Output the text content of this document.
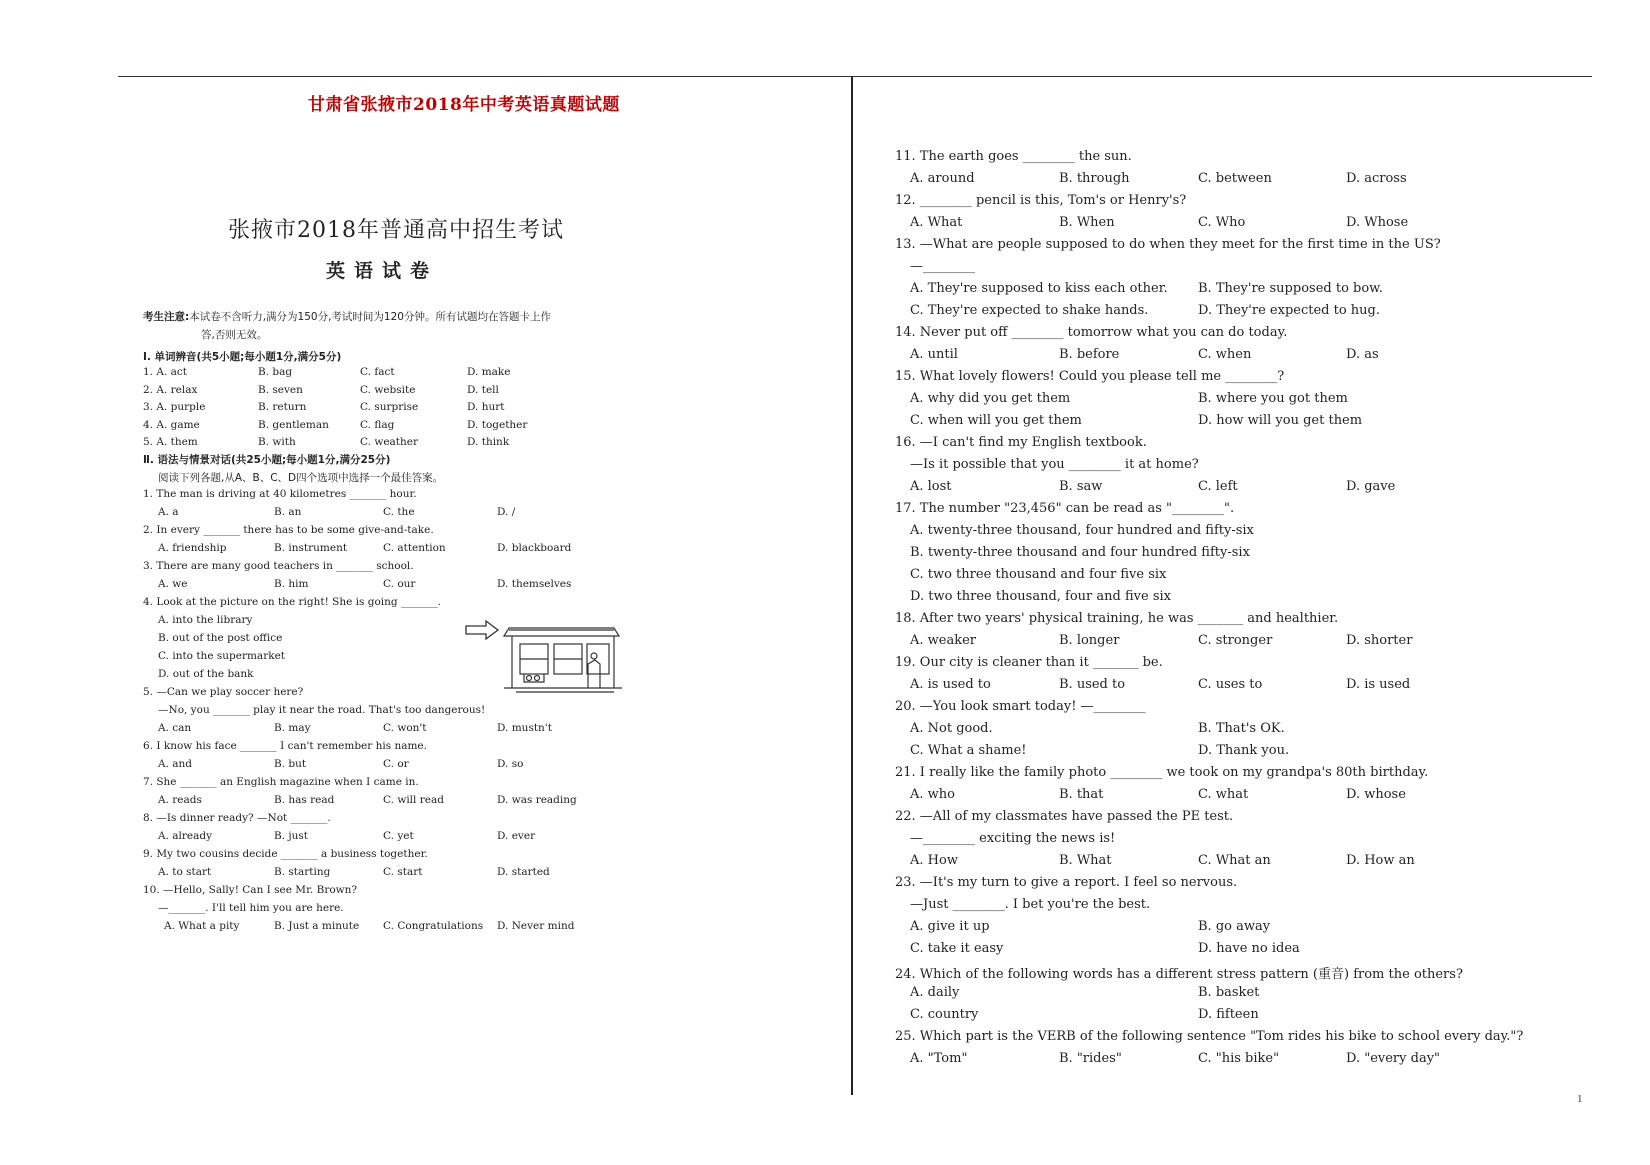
甘肃省张掖市2018年中考英语真题试题
张掖市2018年普通高中招生考试
英语试卷
考生注意:本试卷不含听力,满分为150分,考试时间为120分钟。所有试题均在答题卡上作
答,否则无效。
Ⅰ. 单词辨音(共5小题;每小题1分,满分5分)
1. A. act	B. bag	C. fact	D. make
2. A. relax	B. seven	C. website	D. tell
3. A. purple	B. return	C. surprise	D. hurt
4. A. game	B. gentleman	C. flag	D. together
5. A. them	B. with	C. weather	D. think
Ⅱ. 语法与情景对话(共25小题;每小题1分,满分25分)
阅读下列各题,从A、B、C、D四个选项中选择一个最佳答案。
1. The man is driving at 40 kilometres _______ hour.
A. a	B. an	C. the	D. /
2. In every _______ there has to be some give-and-take.
A. friendship	B. instrument	C. attention	D. blackboard
3. There are many good teachers in _______ school.
A. we	B. him	C. our	D. themselves
4. Look at the picture on the right! She is going _______.
A. into the library
B. out of the post office
C. into the supermarket
D. out of the bank
5. —Can we play soccer here?
—No, you _______ play it near the road. That's too dangerous!
A. can	B. may	C. won't	D. mustn't
6. I know his face _______ I can't remember his name.
A. and	B. but	C. or	D. so
7. She _______ an English magazine when I came in.
A. reads	B. has read	C. will read	D. was reading
8. —Is dinner ready? —Not _______.
A. already	B. just	C. yet	D. ever
9. My two cousins decide _______ a business together.
A. to start	B. starting	C. start	D. started
10. —Hello, Sally! Can I see Mr. Brown?
—_______. I'll tell him you are here.
A. What a pity	B. Just a minute C. Congratulations D. Never mind
11. The earth goes ________ the sun.
A. around	B. through	C. between	D. across
12. ________ pencil is this, Tom's or Henry's?
A. What	B. When	C. Who	D. Whose
13. —What are people supposed to do when they meet for the first time in the US?
—________
A. They're supposed to kiss each other. B. They're supposed to bow.
C. They're expected to shake hands.	D. They're expected to hug.
14. Never put off ________ tomorrow what you can do today.
A. until	B. before	C. when	D. as
15. What lovely flowers! Could you please tell me ________?
A. why did you get them	B. where you got them
C. when will you get them	D. how will you get them
16. —I can't find my English textbook.
—Is it possible that you ________ it at home?
A. lost	B. saw	C. left	D. gave
17. The number "23,456" can be read as "________".
A. twenty-three thousand, four hundred and fifty-six
B. twenty-three thousand and four hundred fifty-six
C. two three thousand and four five six
D. two three thousand, four and five six
18. After two years' physical training, he was _______ and healthier.
A. weaker	B. longer	C. stronger	D. shorter
19. Our city is cleaner than it _______ be.
A. is used to	B. used to	C. uses to	D. is used
20. —You look smart today! —________
A. Not good.	B. That's OK.
C. What a shame!	D. Thank you.
21. I really like the family photo ________ we took on my grandpa's 80th birthday.
A. who	B. that	C. what	D. whose
22. —All of my classmates have passed the PE test.
—________ exciting the news is!
A. How	B. What	C. What an	D. How an
23. —It's my turn to give a report. I feel so nervous.
—Just ________. I bet you're the best.
A. give it up	B. go away
C. take it easy	D. have no idea
24. Which of the following words has a different stress pattern (重音) from the others?
A. daily	B. basket
C. country	D. fifteen
25. Which part is the VERB of the following sentence "Tom rides his bike to school every day."?
A. "Tom"	B. "rides"	C. "his bike"	D. "every day"
1
